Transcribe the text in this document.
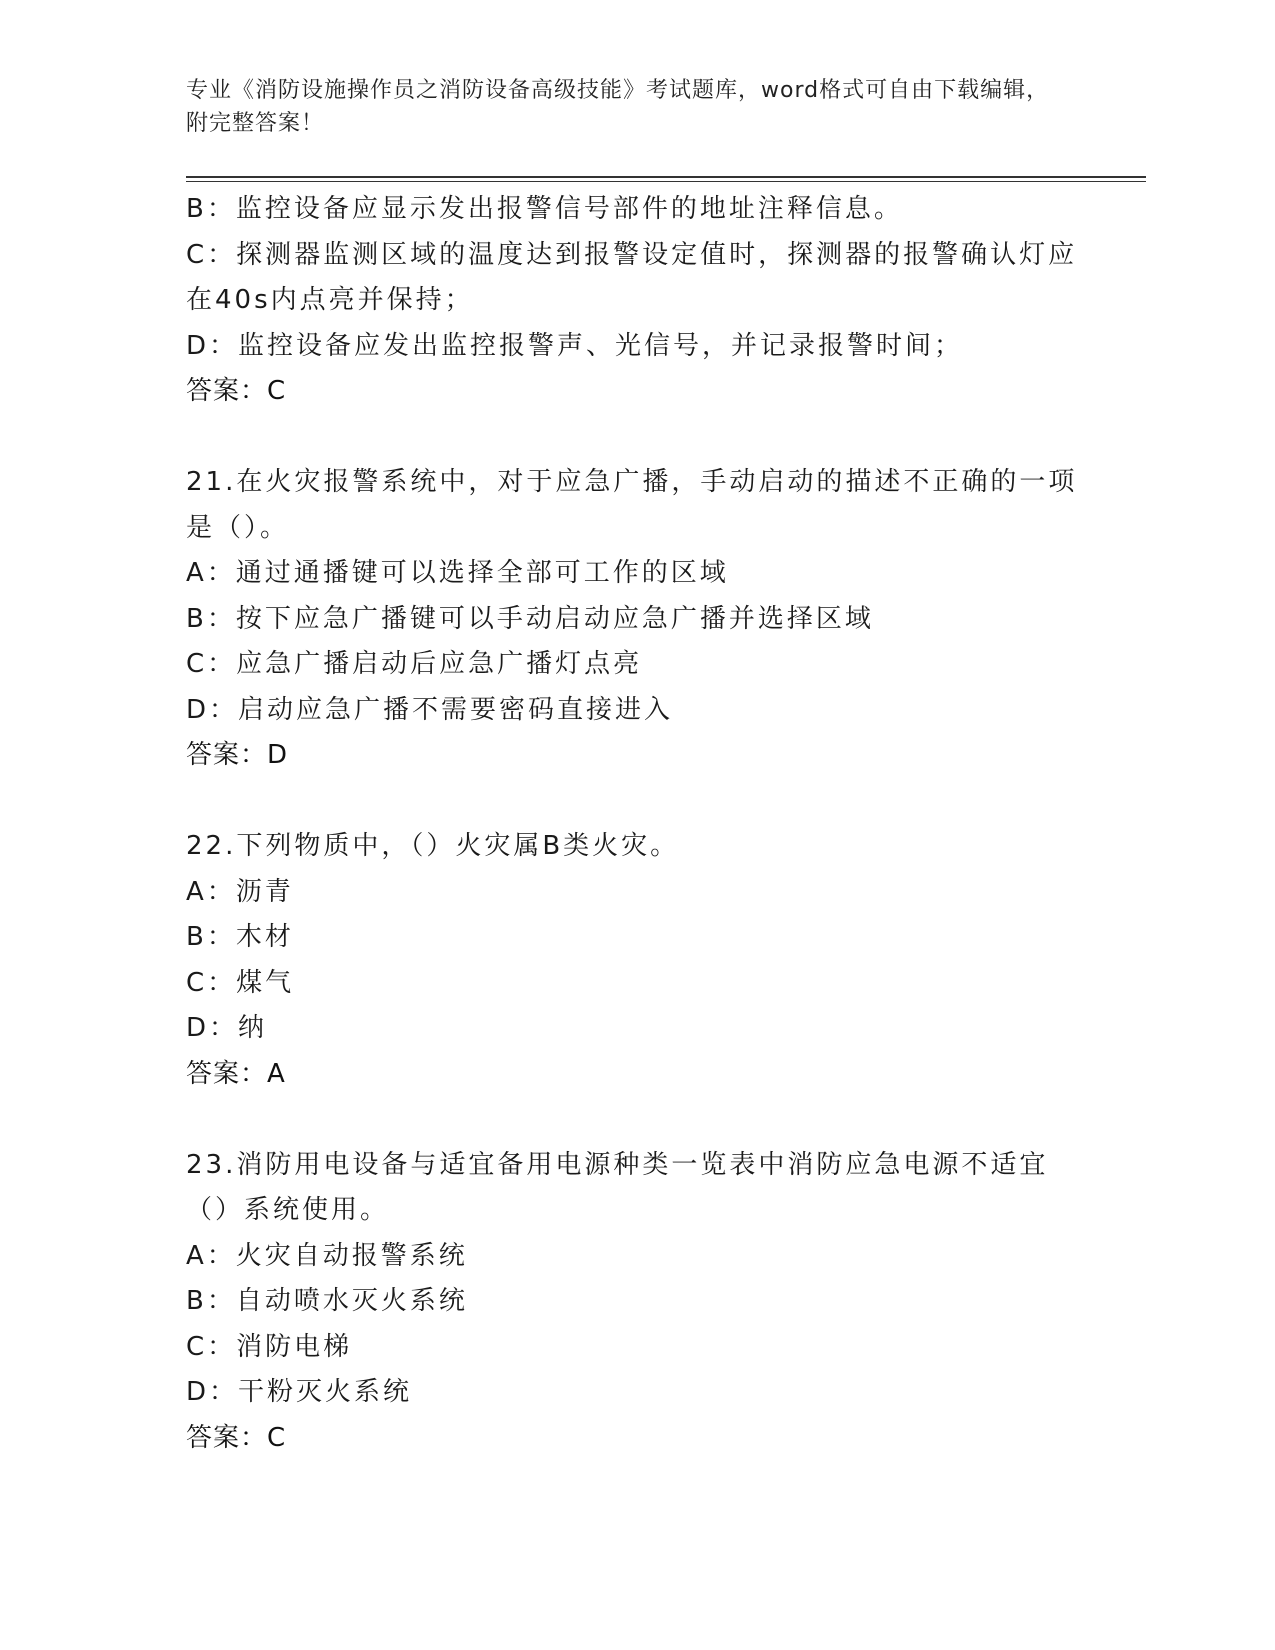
专业《消防设施操作员之消防设备高级技能》考试题库，word格式可自由下载编辑，附完整答案！
B：监控设备应显示发出报警信号部件的地址注释信息。
C：探测器监测区域的温度达到报警设定值时，探测器的报警确认灯应在40s内点亮并保持；
D：监控设备应发出监控报警声、光信号，并记录报警时间；
答案：C
21.在火灾报警系统中，对于应急广播，手动启动的描述不正确的一项是（）。
A：通过通播键可以选择全部可工作的区域
B：按下应急广播键可以手动启动应急广播并选择区域
C：应急广播启动后应急广播灯点亮
D：启动应急广播不需要密码直接进入
答案：D
22.下列物质中，（）火灾属B类火灾。
A：沥青
B：木材
C：煤气
D：纳
答案：A
23.消防用电设备与适宜备用电源种类一览表中消防应急电源不适宜（）系统使用。
A：火灾自动报警系统
B：自动喷水灭火系统
C：消防电梯
D：干粉灭火系统
答案：C
